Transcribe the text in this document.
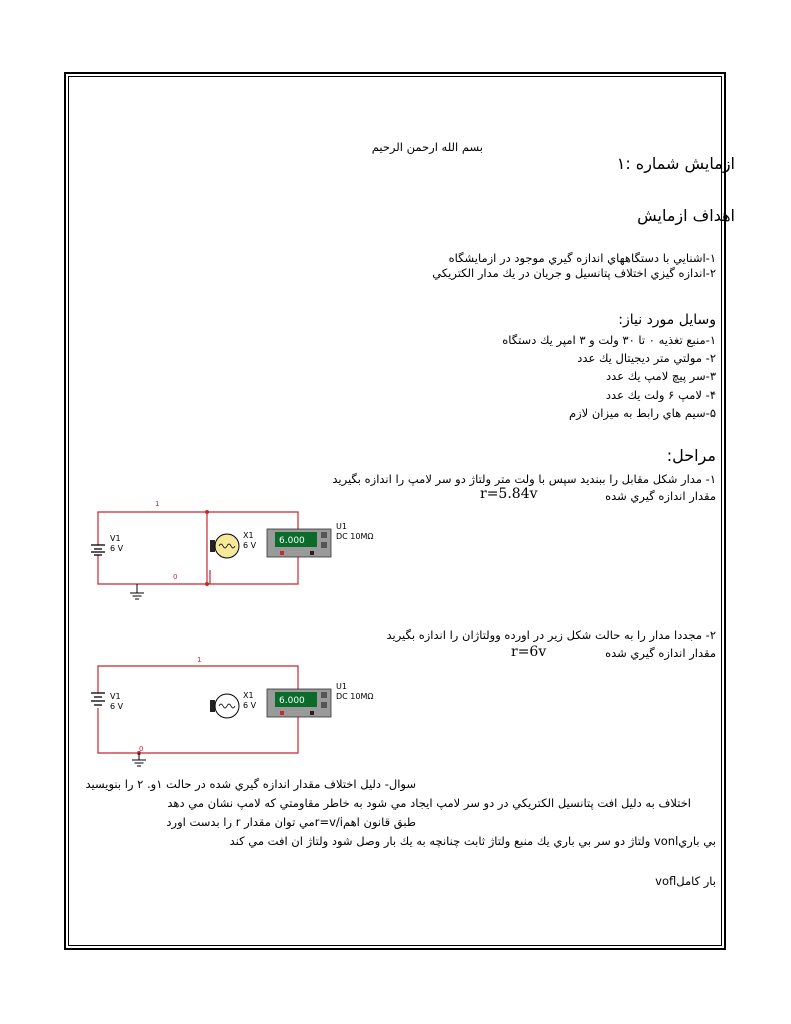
بسم الله ارحمن الرحيم
ازمايش شماره :۱
اهداف ازمايش
۱-اشنايي با دستگاههاي اندازه گيري موجود در ازمايشگاه
۲-اندازه گيزي اختلاف پتانسيل و جريان در يك مدار الكتريكي
وسايل مورد نياز:
۱-منبع تغذيه ۰ تا ۳۰ ولت و ۳ امپر يك دستگاه
۲- مولتي متر ديجيتال يك عدد
۳-سر پيچ لامپ يك عدد
۴- لامپ ۶ ولت يك عدد
۵-سيم هاي رابط به ميزان لازم
مراحل:
۱- مدار شكل مقابل را ببنديد سپس با ولت متر ولتاژ دو سر لامپ را اندازه بگيريد
مقدار اندازه گيري شده
r=5.84v
1
0
V1
6 V
X1
6 V	6.000
U1
DC 10MΩ
۲- مجددا مدار را به حالت شكل زير در اورده وولتاژان را اندازه بگيريد
مقدار اندازه گيري شده
r=6v
1
0
V1
6 V
X1
6 V	6.000
U1
DC 10MΩ
سوال- دليل اختلاف مقدار اندازه گيري شده در حالت ۱و. ۲ را بنويسيد
اختلاف به دليل افت پتانسيل الكتريكي در دو سر لامپ ايجاد مي شود به خاطر مقاومتي كه لامپ نشان مي دهد
طبق قانون اهمr=v/iمي توان مقدار r را بدست اورد
بي باريvonl ولتاژ دو سر بي باري يك منبع ولتاژ ثابت چنانچه به يك بار وصل شود ولتاژ ان افت مي كند
بار كاملvofl
